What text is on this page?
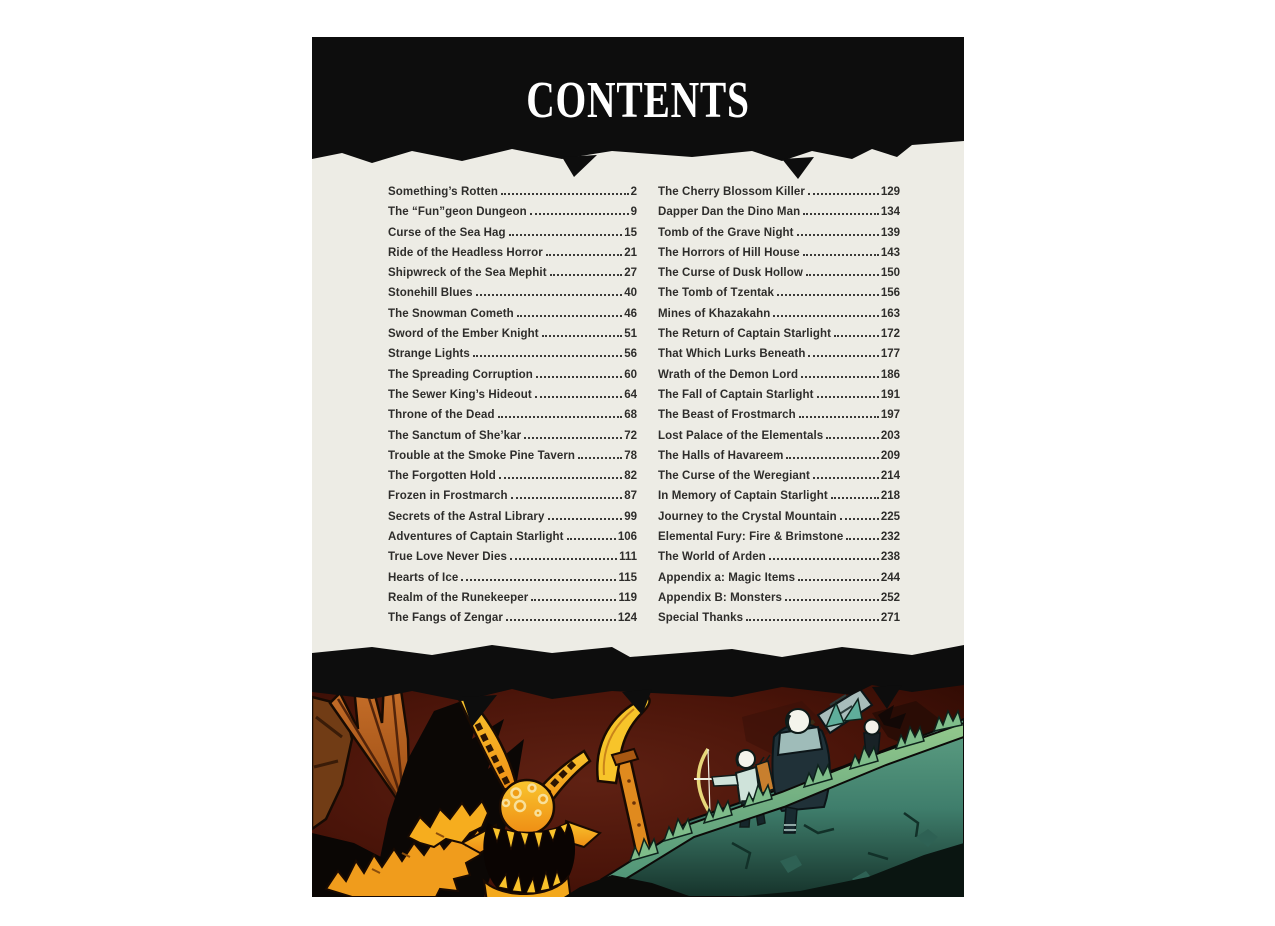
CONTENTS
Something’s Rotten	2
The “Fun”geon Dungeon	9
Curse of the Sea Hag	15
Ride of the Headless Horror	21
Shipwreck of the Sea Mephit	27
Stonehill Blues	40
The Snowman Cometh	46
Sword of the Ember Knight	51
Strange Lights	56
The Spreading Corruption	60
The Sewer King’s Hideout	64
Throne of the Dead	68
The Sanctum of She’kar	72
Trouble at the Smoke Pine Tavern	78
The Forgotten Hold	82
Frozen in Frostmarch	87
Secrets of the Astral Library	99
Adventures of Captain Starlight	106
True Love Never Dies	111
Hearts of Ice	115
Realm of the Runekeeper	119
The Fangs of Zengar	124
The Cherry Blossom Killer	129
Dapper Dan the Dino Man	134
Tomb of the Grave Night	139
The Horrors of Hill House	143
The Curse of Dusk Hollow	150
The Tomb of Tzentak	156
Mines of Khazakahn	163
The Return of Captain Starlight	172
That Which Lurks Beneath	177
Wrath of the Demon Lord	186
The Fall of Captain Starlight	191
The Beast of Frostmarch	197
Lost Palace of the Elementals	203
The Halls of Havareem	209
The Curse of the Weregiant	214
In Memory of Captain Starlight	218
Journey to the Crystal Mountain	225
Elemental Fury: Fire & Brimstone	232
The World of Arden	238
Appendix a: Magic Items	244
Appendix B: Monsters	252
Special Thanks	271
